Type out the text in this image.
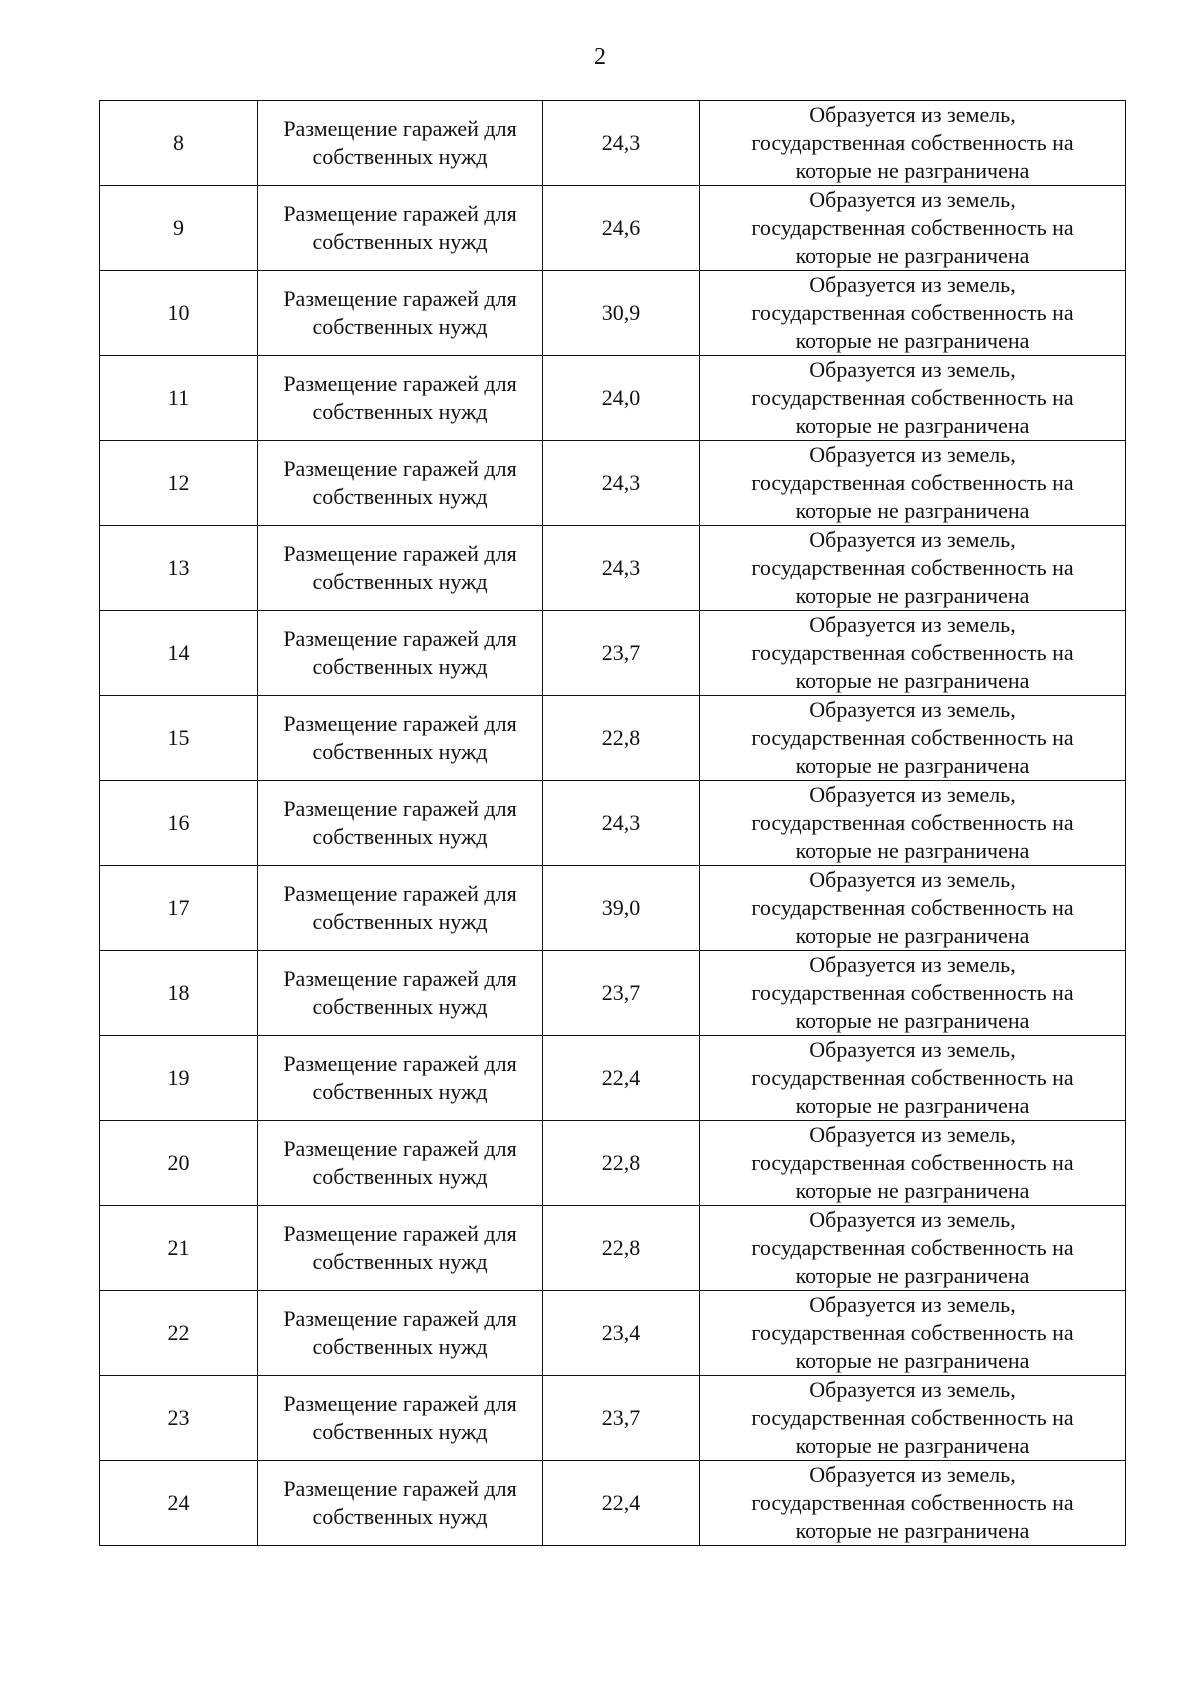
2
8	Размещение гаражей для
собственных нужд	24,3	Образуется из земель,
государственная собственность на
которые не разграничена

9	Размещение гаражей для
собственных нужд	24,6	Образуется из земель,
государственная собственность на
которые не разграничена

10	Размещение гаражей для
собственных нужд	30,9	Образуется из земель,
государственная собственность на
которые не разграничена

11	Размещение гаражей для
собственных нужд	24,0	Образуется из земель,
государственная собственность на
которые не разграничена

12	Размещение гаражей для
собственных нужд	24,3	Образуется из земель,
государственная собственность на
которые не разграничена

13	Размещение гаражей для
собственных нужд	24,3	Образуется из земель,
государственная собственность на
которые не разграничена

14	Размещение гаражей для
собственных нужд	23,7	Образуется из земель,
государственная собственность на
которые не разграничена

15	Размещение гаражей для
собственных нужд	22,8	Образуется из земель,
государственная собственность на
которые не разграничена

16	Размещение гаражей для
собственных нужд	24,3	Образуется из земель,
государственная собственность на
которые не разграничена

17	Размещение гаражей для
собственных нужд	39,0	Образуется из земель,
государственная собственность на
которые не разграничена

18	Размещение гаражей для
собственных нужд	23,7	Образуется из земель,
государственная собственность на
которые не разграничена

19	Размещение гаражей для
собственных нужд	22,4	Образуется из земель,
государственная собственность на
которые не разграничена

20	Размещение гаражей для
собственных нужд	22,8	Образуется из земель,
государственная собственность на
которые не разграничена

21	Размещение гаражей для
собственных нужд	22,8	Образуется из земель,
государственная собственность на
которые не разграничена

22	Размещение гаражей для
собственных нужд	23,4	Образуется из земель,
государственная собственность на
которые не разграничена

23	Размещение гаражей для
собственных нужд	23,7	Образуется из земель,
государственная собственность на
которые не разграничена

24	Размещение гаражей для
собственных нужд	22,4	Образуется из земель,
государственная собственность на
которые не разграничена
